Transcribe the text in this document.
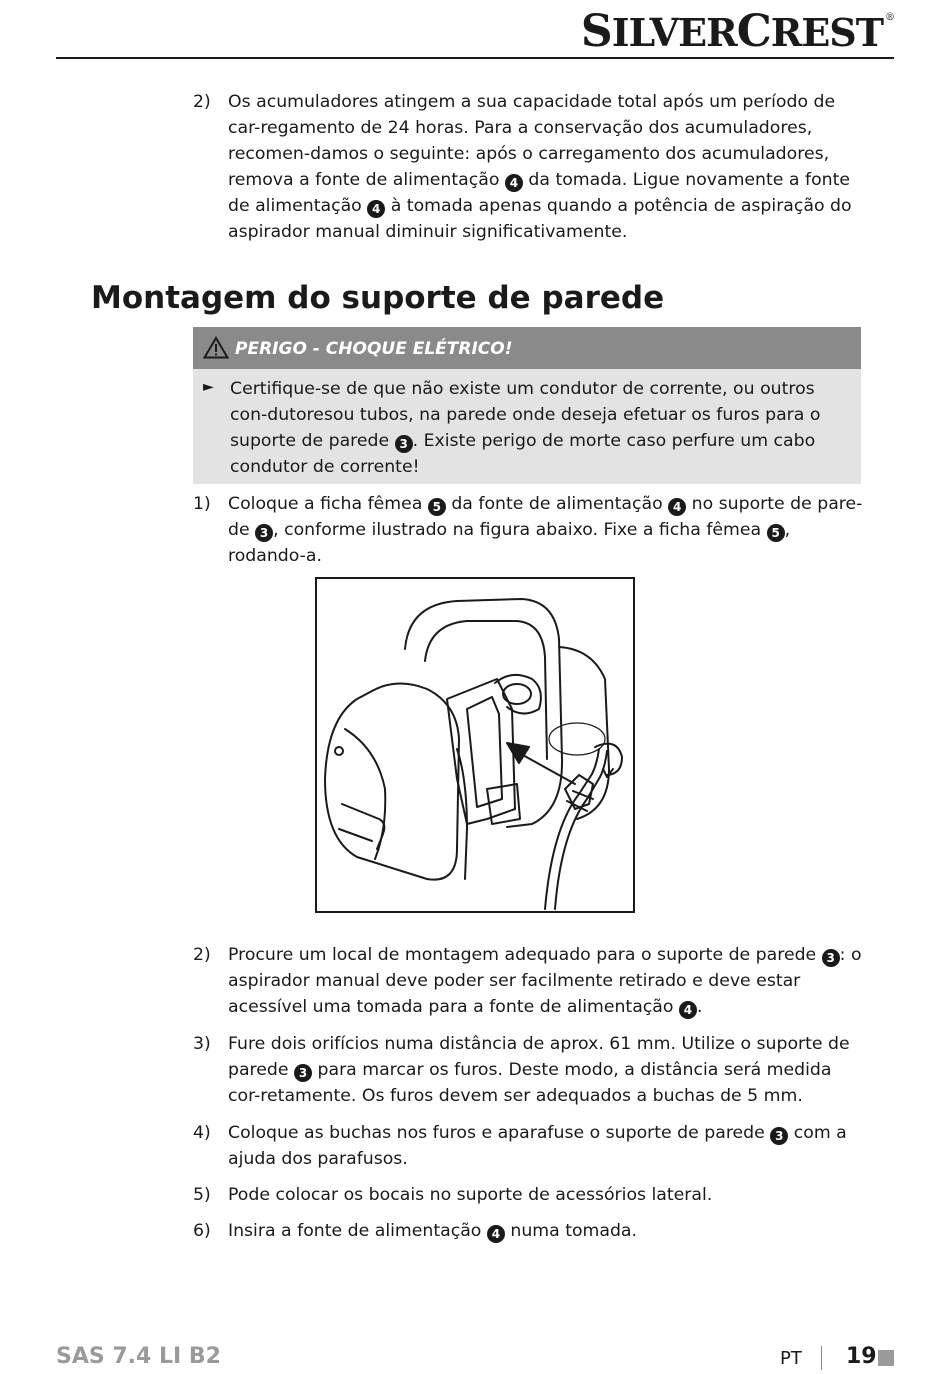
SILVERCREST ®
2) Os acumuladores atingem a sua capacidade total após um período de car-regamento de 24 horas. Para a conservação dos acumuladores, recomen-damos o seguinte: após o carregamento dos acumuladores, remova a fonte de alimentação 4 da tomada. Ligue novamente a fonte de alimentação 4 à tomada apenas quando a potência de aspiração do aspirador manual diminuir significativamente.
Montagem do suporte de parede
PERIGO - CHOQUE ELÉTRICO!
► Certifique-se de que não existe um condutor de corrente, ou outros con-dutoresou tubos, na parede onde deseja efetuar os furos para o suporte de parede 3 . Existe perigo de morte caso perfure um cabo condutor de corrente!
1) Coloque a ficha fêmea 5 da fonte de alimentação 4 no suporte de pare-de 3 , conforme ilustrado na figura abaixo. Fixe a ficha fêmea 5 , rodando-a.
2) Procure um local de montagem adequado para o suporte de parede 3 : o aspirador manual deve poder ser facilmente retirado e deve estar acessível uma tomada para a fonte de alimentação 4 .
3) Fure dois orifícios numa distância de aprox. 61 mm. Utilize o suporte de parede 3 para marcar os furos. Deste modo, a distância será medida cor-retamente. Os furos devem ser adequados a buchas de 5 mm.
4) Coloque as buchas nos furos e aparafuse o suporte de parede 3 com a ajuda dos parafusos.
5) Pode colocar os bocais no suporte de acessórios lateral.
6) Insira a fonte de alimentação 4 numa tomada.
SAS 7.4 LI B2	PT 19
